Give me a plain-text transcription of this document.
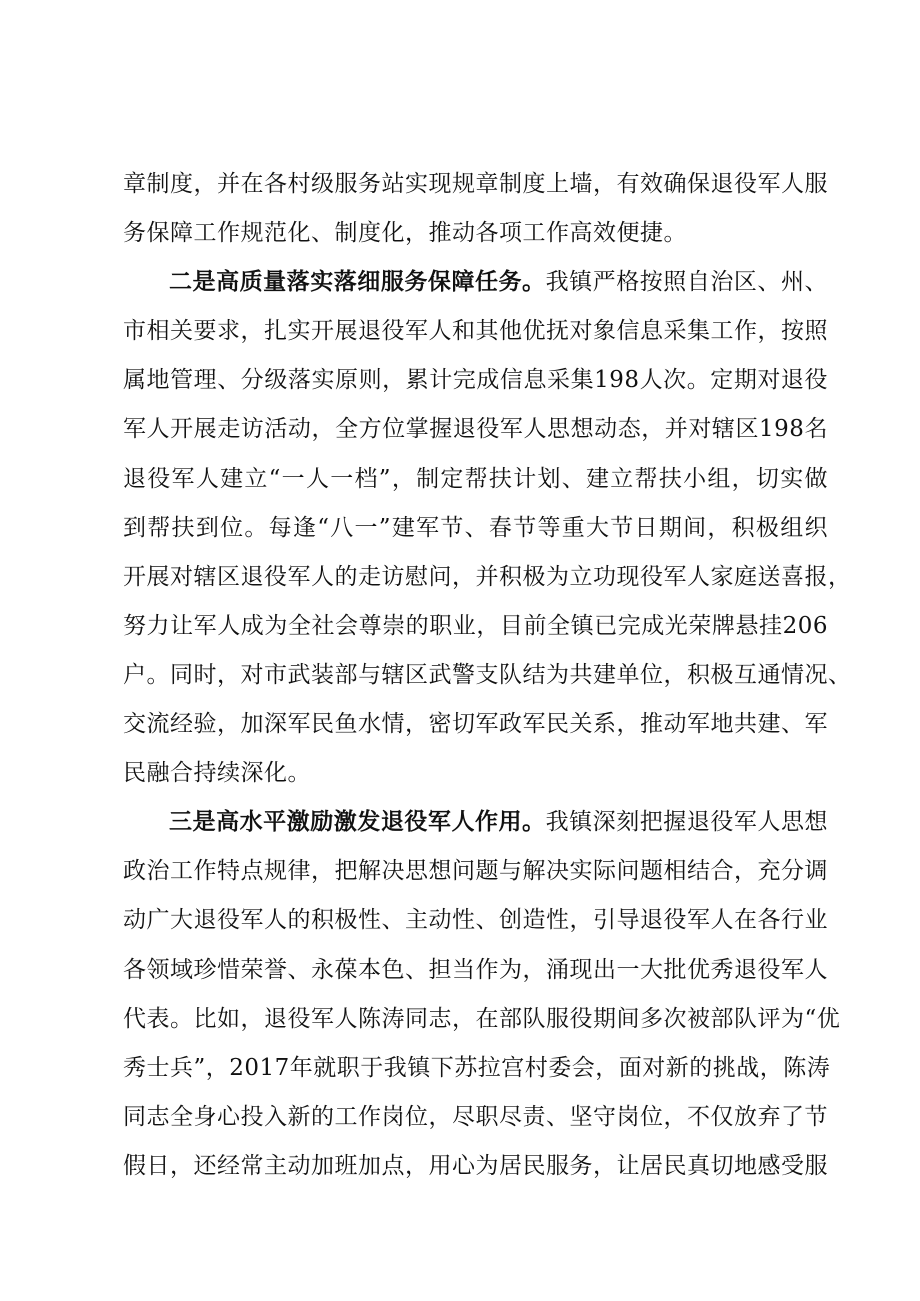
章制度，并在各村级服务站实现规章制度上墙，有效确保退役军人服
务保障工作规范化、制度化，推动各项工作高效便捷。
二是高质量落实落细服务保障任务。我镇严格按照自治区、州、
市相关要求，扎实开展退役军人和其他优抚对象信息采集工作，按照
属地管理、分级落实原则，累计完成信息采集198人次。定期对退役
军人开展走访活动，全方位掌握退役军人思想动态，并对辖区198名
退役军人建立“一人一档”，制定帮扶计划、建立帮扶小组，切实做
到帮扶到位。每逢“八一”建军节、春节等重大节日期间，积极组织
开展对辖区退役军人的走访慰问，并积极为立功现役军人家庭送喜报，
努力让军人成为全社会尊崇的职业，目前全镇已完成光荣牌悬挂206
户。同时，对市武装部与辖区武警支队结为共建单位，积极互通情况、
交流经验，加深军民鱼水情，密切军政军民关系，推动军地共建、军
民融合持续深化。
三是高水平激励激发退役军人作用。我镇深刻把握退役军人思想
政治工作特点规律，把解决思想问题与解决实际问题相结合，充分调
动广大退役军人的积极性、主动性、创造性，引导退役军人在各行业
各领域珍惜荣誉、永葆本色、担当作为，涌现出一大批优秀退役军人
代表。比如，退役军人陈涛同志，在部队服役期间多次被部队评为“优
秀士兵”，2017年就职于我镇下苏拉宫村委会，面对新的挑战，陈涛
同志全身心投入新的工作岗位，尽职尽责、坚守岗位，不仅放弃了节
假日，还经常主动加班加点，用心为居民服务，让居民真切地感受服
